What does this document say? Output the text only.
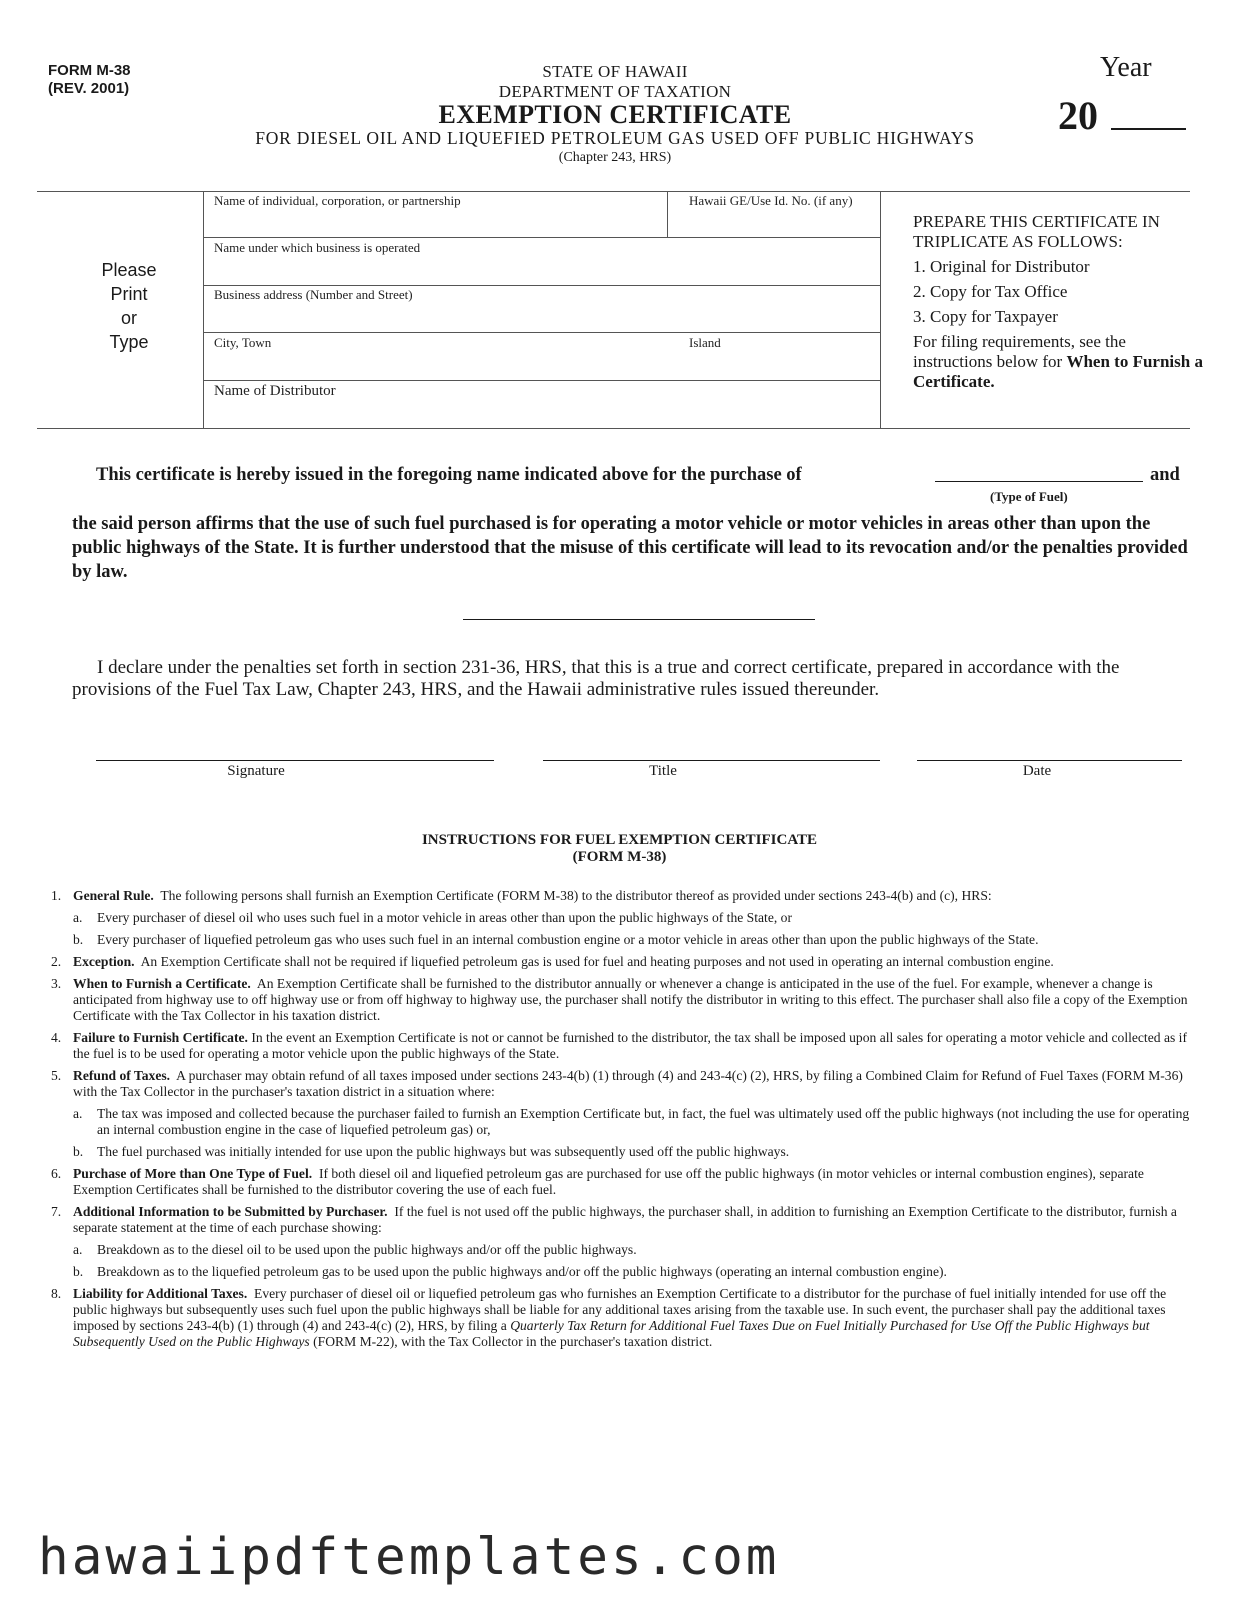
FORM M-38
(REV. 2001)
STATE OF HAWAII
DEPARTMENT OF TAXATION
EXEMPTION CERTIFICATE
FOR DIESEL OIL AND LIQUEFIED PETROLEUM GAS USED OFF PUBLIC HIGHWAYS
(Chapter 243, HRS)
Year
20
Please
Print
or
Type
Name of individual, corporation, or partnership	Hawaii GE/Use Id. No. (if any)
Name under which business is operated
Business address (Number and Street)
City, Town	Island
Name of Distributor
PREPARE THIS CERTIFICATE IN TRIPLICATE AS FOLLOWS:
1. Original for Distributor
2. Copy for Tax Office
3. Copy for Taxpayer
For filing requirements, see the instructions below for When to Furnish a Certificate.
This certificate is hereby issued in the foregoing name indicated above for the purchase of	and
(Type of Fuel)
the said person affirms that the use of such fuel purchased is for operating a motor vehicle or motor vehicles in areas other than upon the public highways of the State. It is further understood that the misuse of this certificate will lead to its revocation and/or the penalties provided by law.
I declare under the penalties set forth in section 231-36, HRS, that this is a true and correct certificate, prepared in accordance with the provisions of the Fuel Tax Law, Chapter 243, HRS, and the Hawaii administrative rules issued thereunder.
Signature	Title	Date
INSTRUCTIONS FOR FUEL EXEMPTION CERTIFICATE
(FORM M-38)
1. General Rule. The following persons shall furnish an Exemption Certificate (FORM M-38) to the distributor thereof as provided under sections 243-4(b) and (c), HRS:
a. Every purchaser of diesel oil who uses such fuel in a motor vehicle in areas other than upon the public highways of the State, or
b. Every purchaser of liquefied petroleum gas who uses such fuel in an internal combustion engine or a motor vehicle in areas other than upon the public highways of the State.
2. Exception. An Exemption Certificate shall not be required if liquefied petroleum gas is used for fuel and heating purposes and not used in operating an internal combustion engine.
3. When to Furnish a Certificate. An Exemption Certificate shall be furnished to the distributor annually or whenever a change is anticipated in the use of the fuel. For example, whenever a change is anticipated from highway use to off highway use or from off highway to highway use, the purchaser shall notify the distributor in writing to this effect. The purchaser shall also file a copy of the Exemption Certificate with the Tax Collector in his taxation district.
4. Failure to Furnish Certificate. In the event an Exemption Certificate is not or cannot be furnished to the distributor, the tax shall be imposed upon all sales for operating a motor vehicle and collected as if the fuel is to be used for operating a motor vehicle upon the public highways of the State.
5. Refund of Taxes. A purchaser may obtain refund of all taxes imposed under sections 243-4(b) (1) through (4) and 243-4(c) (2), HRS, by filing a Combined Claim for Refund of Fuel Taxes (FORM M-36) with the Tax Collector in the purchaser's taxation district in a situation where:
a. The tax was imposed and collected because the purchaser failed to furnish an Exemption Certificate but, in fact, the fuel was ultimately used off the public highways (not including the use for operating an internal combustion engine in the case of liquefied petroleum gas) or,
b. The fuel purchased was initially intended for use upon the public highways but was subsequently used off the public highways.
6. Purchase of More than One Type of Fuel. If both diesel oil and liquefied petroleum gas are purchased for use off the public highways (in motor vehicles or internal combustion engines), separate Exemption Certificates shall be furnished to the distributor covering the use of each fuel.
7. Additional Information to be Submitted by Purchaser. If the fuel is not used off the public highways, the purchaser shall, in addition to furnishing an Exemption Certificate to the distributor, furnish a separate statement at the time of each purchase showing:
a. Breakdown as to the diesel oil to be used upon the public highways and/or off the public highways.
b. Breakdown as to the liquefied petroleum gas to be used upon the public highways and/or off the public highways (operating an internal combustion engine).
8. Liability for Additional Taxes. Every purchaser of diesel oil or liquefied petroleum gas who furnishes an Exemption Certificate to a distributor for the purchase of fuel initially intended for use off the public highways but subsequently uses such fuel upon the public highways shall be liable for any additional taxes arising from the taxable use. In such event, the purchaser shall pay the additional taxes imposed by sections 243-4(b) (1) through (4) and 243-4(c) (2), HRS, by filing a Quarterly Tax Return for Additional Fuel Taxes Due on Fuel Initially Purchased for Use Off the Public Highways but Subsequently Used on the Public Highways (FORM M-22), with the Tax Collector in the purchaser's taxation district.
hawaiipdftemplates.com
